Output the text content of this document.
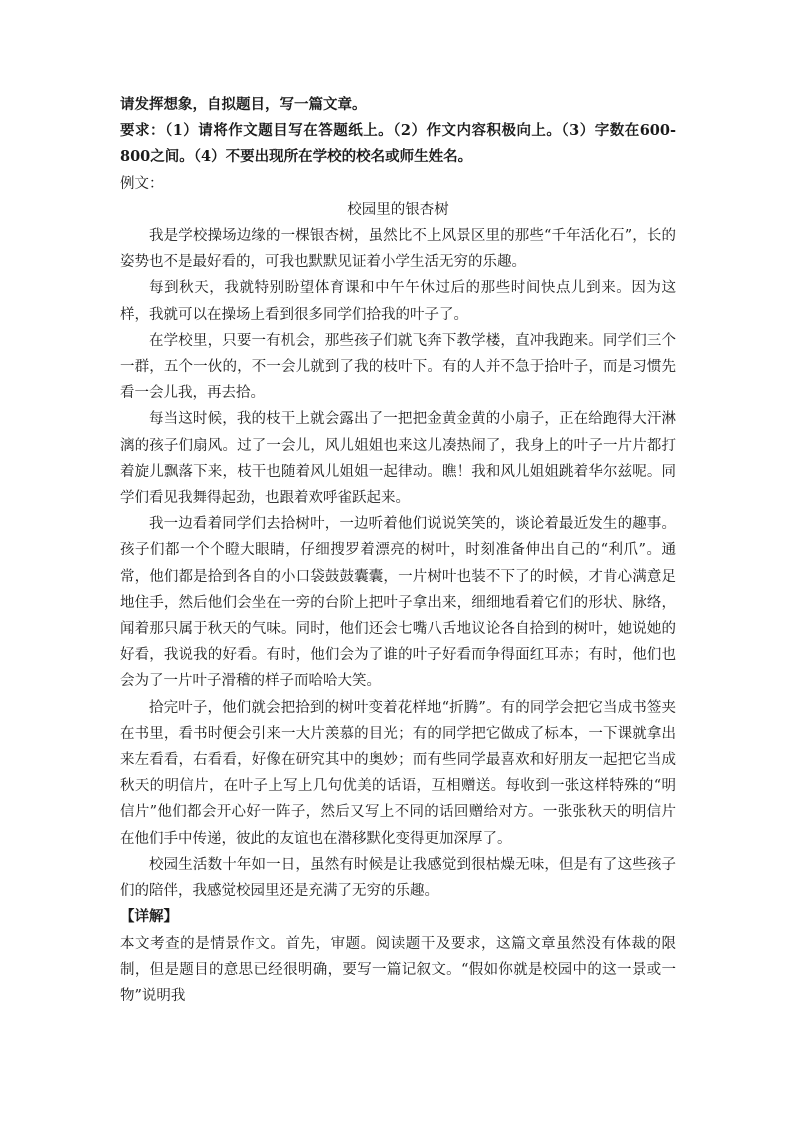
请发挥想象，自拟题目，写一篇文章。

要求：（1）请将作文题目写在答题纸上。（2）作文内容积极向上。（3）字数在600-800之间。（4）不要出现所在学校的校名或师生姓名。

例文：

校园里的银杏树

我是学校操场边缘的一棵银杏树，虽然比不上风景区里的那些“千年活化石”，长的姿势也不是最好看的，可我也默默见证着小学生活无穷的乐趣。

每到秋天，我就特别盼望体育课和中午午休过后的那些时间快点儿到来。因为这样，我就可以在操场上看到很多同学们拾我的叶子了。

在学校里，只要一有机会，那些孩子们就飞奔下教学楼，直冲我跑来。同学们三个一群，五个一伙的，不一会儿就到了我的枝叶下。有的人并不急于拾叶子，而是习惯先看一会儿我，再去拾。

每当这时候，我的枝干上就会露出了一把把金黄金黄的小扇子，正在给跑得大汗淋漓的孩子们扇风。过了一会儿，风儿姐姐也来这儿凑热闹了，我身上的叶子一片片都打着旋儿飘落下来，枝干也随着风儿姐姐一起律动。瞧！我和风儿姐姐跳着华尔兹呢。同学们看见我舞得起劲，也跟着欢呼雀跃起来。

我一边看着同学们去拾树叶，一边听着他们说说笑笑的，谈论着最近发生的趣事。孩子们都一个个瞪大眼睛，仔细搜罗着漂亮的树叶，时刻准备伸出自己的“利爪”。通常，他们都是拾到各自的小口袋鼓鼓囊囊，一片树叶也装不下了的时候，才肯心满意足地住手，然后他们会坐在一旁的台阶上把叶子拿出来，细细地看着它们的形状、脉络，闻着那只属于秋天的气味。同时，他们还会七嘴八舌地议论各自拾到的树叶，她说她的好看，我说我的好看。有时，他们会为了谁的叶子好看而争得面红耳赤；有时，他们也会为了一片叶子滑稽的样子而哈哈大笑。

拾完叶子，他们就会把拾到的树叶变着花样地“折腾”。有的同学会把它当成书签夹在书里，看书时便会引来一大片羡慕的目光；有的同学把它做成了标本，一下课就拿出来左看看，右看看，好像在研究其中的奥妙；而有些同学最喜欢和好朋友一起把它当成秋天的明信片，在叶子上写上几句优美的话语，互相赠送。每收到一张这样特殊的“明信片”他们都会开心好一阵子，然后又写上不同的话回赠给对方。一张张秋天的明信片在他们手中传递，彼此的友谊也在潜移默化变得更加深厚了。

校园生活数十年如一日，虽然有时候是让我感觉到很枯燥无味，但是有了这些孩子们的陪伴，我感觉校园里还是充满了无穷的乐趣。

【详解】

本文考查的是情景作文。首先，审题。阅读题干及要求，这篇文章虽然没有体裁的限制，但是题目的意思已经很明确，要写一篇记叙文。“假如你就是校园中的这一景或一物”说明我
